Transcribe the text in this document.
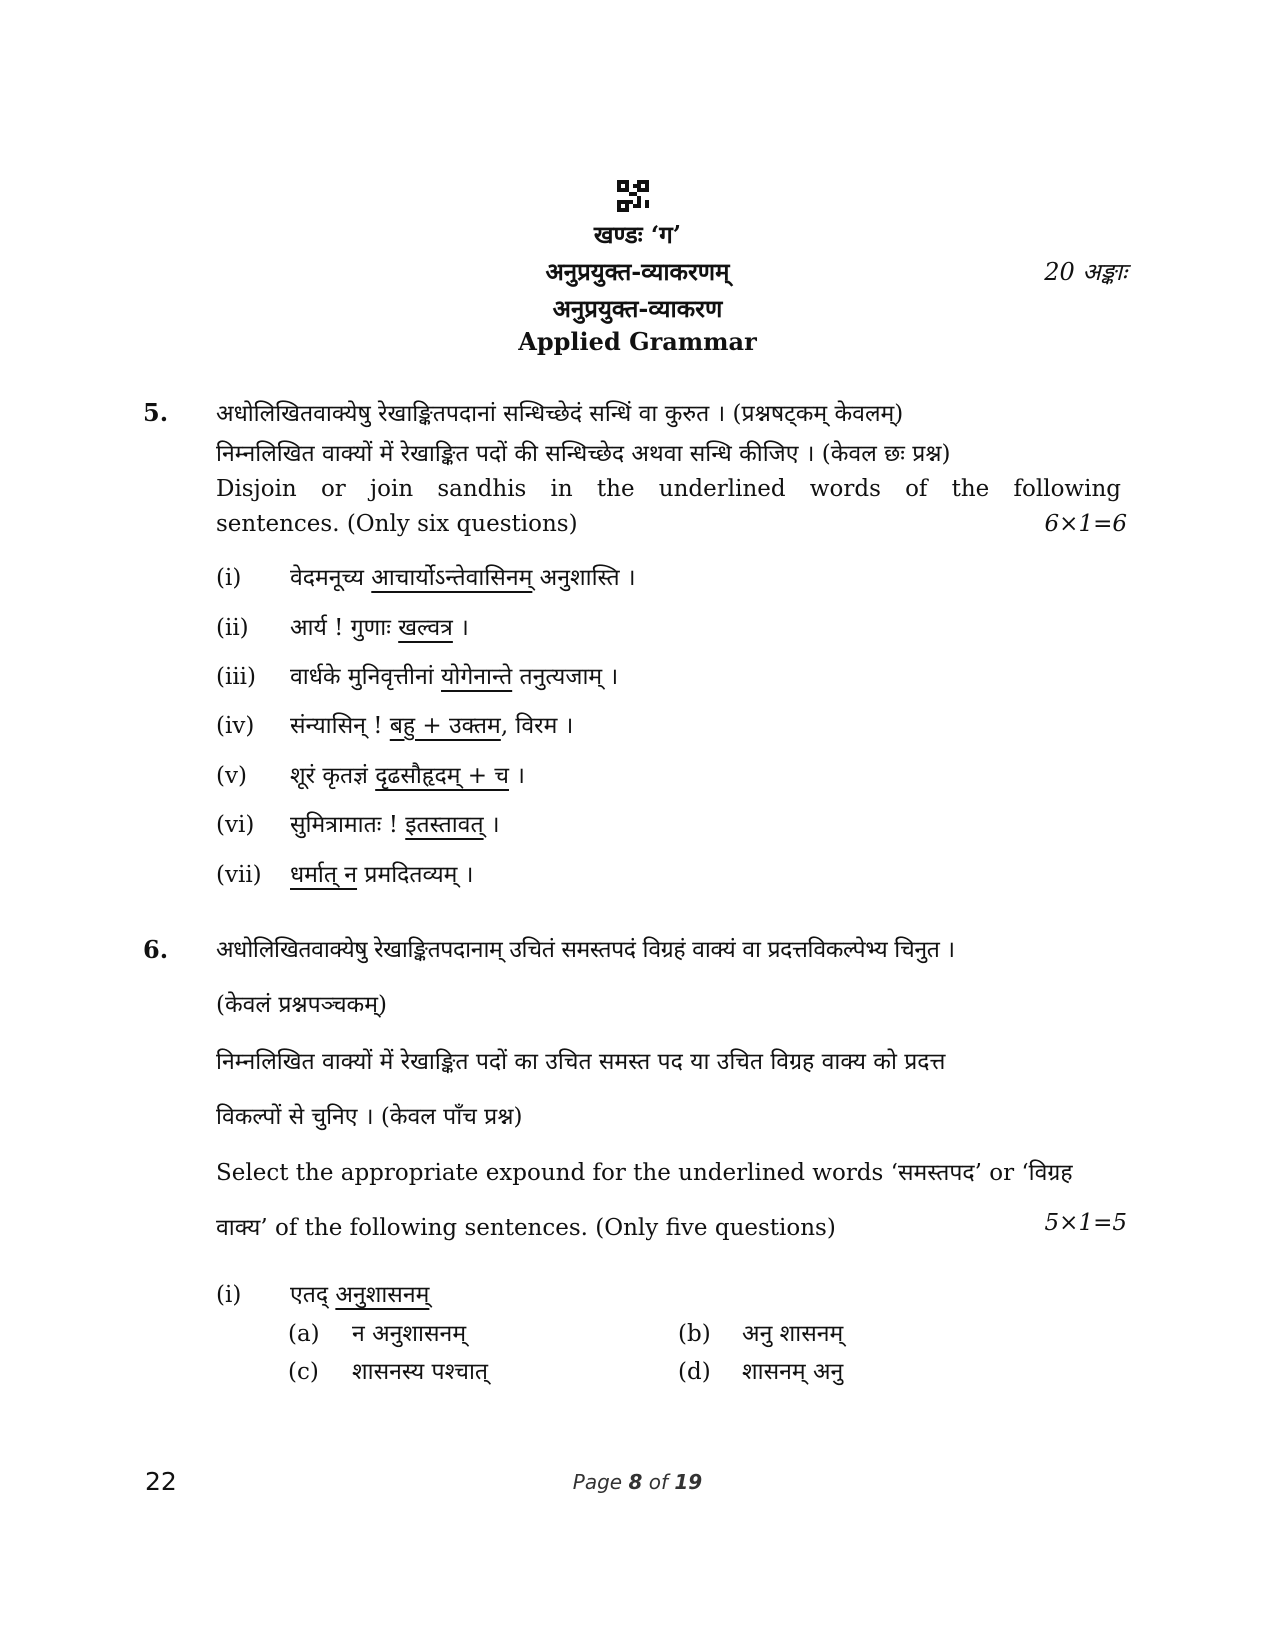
खण्डः ‘ग’
अनुप्रयुक्त-व्याकरणम्	20 अङ्काः
अनुप्रयुक्त-व्याकरण
Applied Grammar
5. अधोलिखितवाक्येषु रेखाङ्कितपदानां सन्धिच्छेदं सन्धिं वा कुरुत । (प्रश्नषट्कम् केवलम्)
निम्नलिखित वाक्यों में रेखाङ्कित पदों की सन्धिच्छेद अथवा सन्धि कीजिए । (केवल छः प्रश्न)
Disjoin or join sandhis in the underlined words of the following
sentences. (Only six questions)	6×1=6
(i) वेदमनूच्य आचार्योऽन्तेवासिनम् अनुशास्ति ।
(ii) आर्य ! गुणाः खल्वत्र ।
(iii) वार्धके मुनिवृत्तीनां योगेनान्ते तनुत्यजाम् ।
(iv) संन्यासिन् ! बहु + उक्तम, विरम ।
(v) शूरं कृतज्ञं दृढसौहृदम् + च ।
(vi) सुमित्रामातः ! इतस्तावत् ।
(vii) धर्मात् न प्रमदितव्यम् ।
6. अधोलिखितवाक्येषु रेखाङ्कितपदानाम् उचितं समस्तपदं विग्रहं वाक्यं वा प्रदत्तविकल्पेभ्य चिनुत ।
(केवलं प्रश्नपञ्चकम्)
निम्नलिखित वाक्यों में रेखाङ्कित पदों का उचित समस्त पद या उचित विग्रह वाक्य को प्रदत्त
विकल्पों से चुनिए । (केवल पाँच प्रश्न)
Select the appropriate expound for the underlined words ‘समस्तपद’ or ‘विग्रह
वाक्य’ of the following sentences. (Only five questions)	5×1=5
(i) एतद् अनुशासनम्
(a) न अनुशासनम्	(b) अनु शासनम्
(c) शासनस्य पश्चात्	(d) शासनम् अनु
22	Page 8 of 19
